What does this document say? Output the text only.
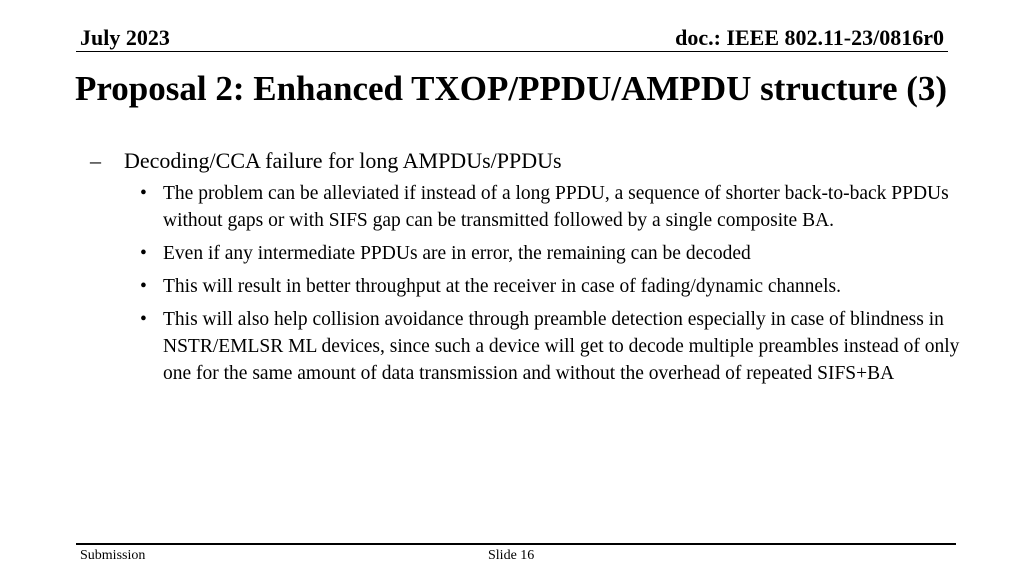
July 2023	doc.: IEEE 802.11-23/0816r0
Proposal 2: Enhanced TXOP/PPDU/AMPDU structure (3)
– Decoding/CCA failure for long AMPDUs/PPDUs
• The problem can be alleviated if instead of a long PPDU, a sequence of shorter back-to-back PPDUs without gaps or with SIFS gap can be transmitted followed by a single composite BA.
• Even if any intermediate PPDUs are in error, the remaining can be decoded
• This will result in better throughput at the receiver in case of fading/dynamic channels.
• This will also help collision avoidance through preamble detection especially in case of blindness in NSTR/EMLSR ML devices, since such a device will get to decode multiple preambles instead of only one for the same amount of data transmission and without the overhead of repeated SIFS+BA
Submission	Slide 16
